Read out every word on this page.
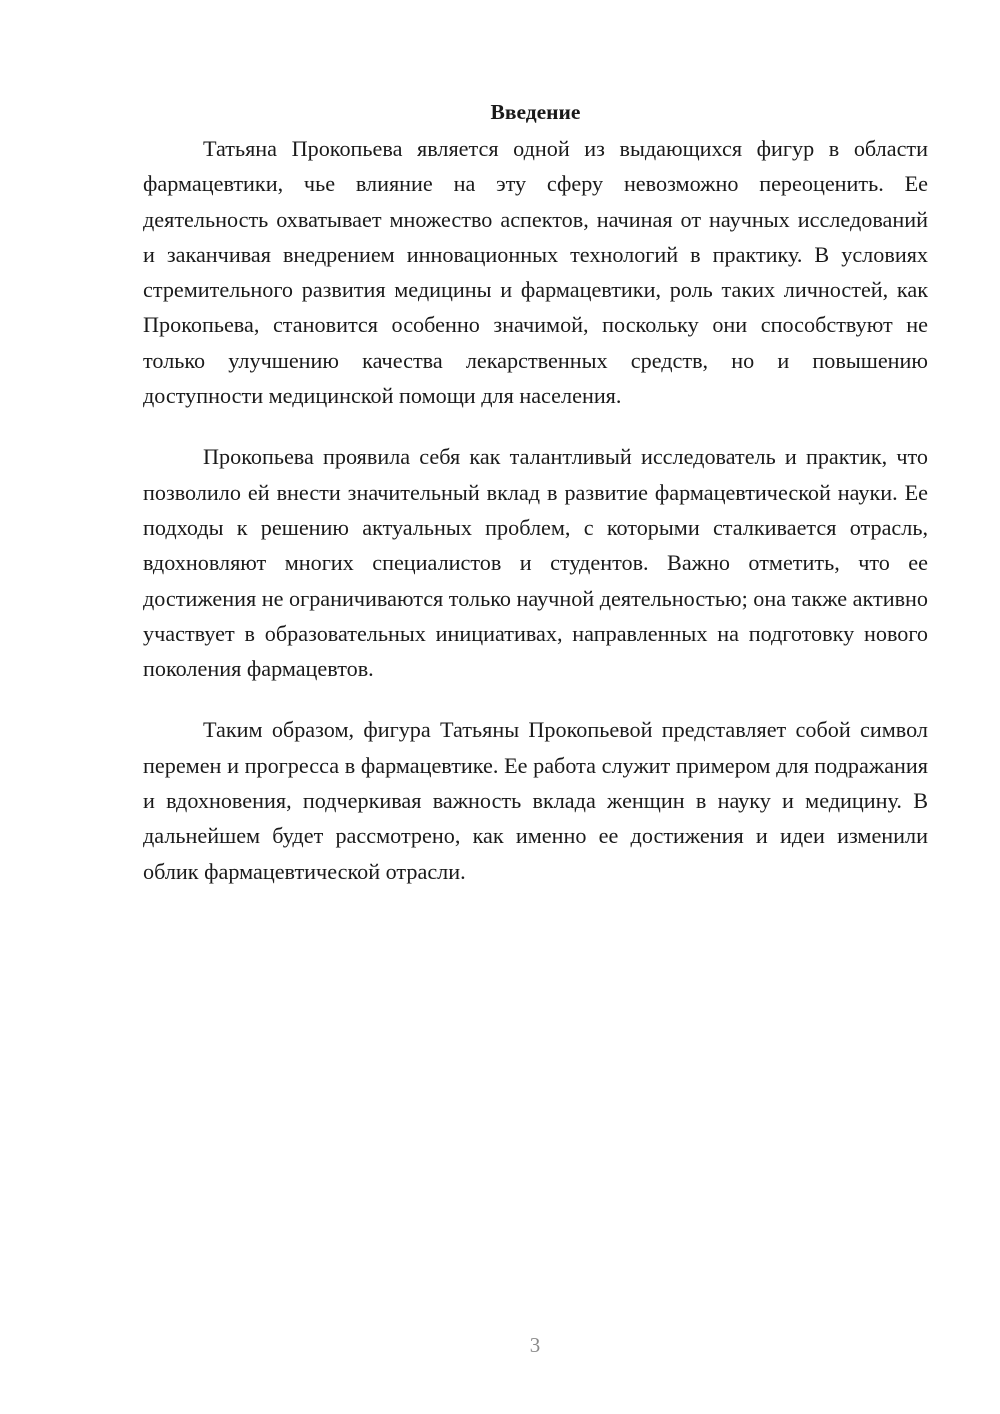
Введение

Татьяна Прокопьева является одной из выдающихся фигур в области фармацевтики, чье влияние на эту сферу невозможно переоценить. Ее деятельность охватывает множество аспектов, начиная от научных исследований и заканчивая внедрением инновационных технологий в практику. В условиях стремительного развития медицины и фармацевтики, роль таких личностей, как Прокопьева, становится особенно значимой, поскольку они способствуют не только улучшению качества лекарственных средств, но и повышению доступности медицинской помощи для населения.

Прокопьева проявила себя как талантливый исследователь и практик, что позволило ей внести значительный вклад в развитие фармацевтической науки. Ее подходы к решению актуальных проблем, с которыми сталкивается отрасль, вдохновляют многих специалистов и студентов. Важно отметить, что ее достижения не ограничиваются только научной деятельностью; она также активно участвует в образовательных инициативах, направленных на подготовку нового поколения фармацевтов.

Таким образом, фигура Татьяны Прокопьевой представляет собой символ перемен и прогресса в фармацевтике. Ее работа служит примером для подражания и вдохновения, подчеркивая важность вклада женщин в науку и медицину. В дальнейшем будет рассмотрено, как именно ее достижения и идеи изменили облик фармацевтической отрасли.

3
